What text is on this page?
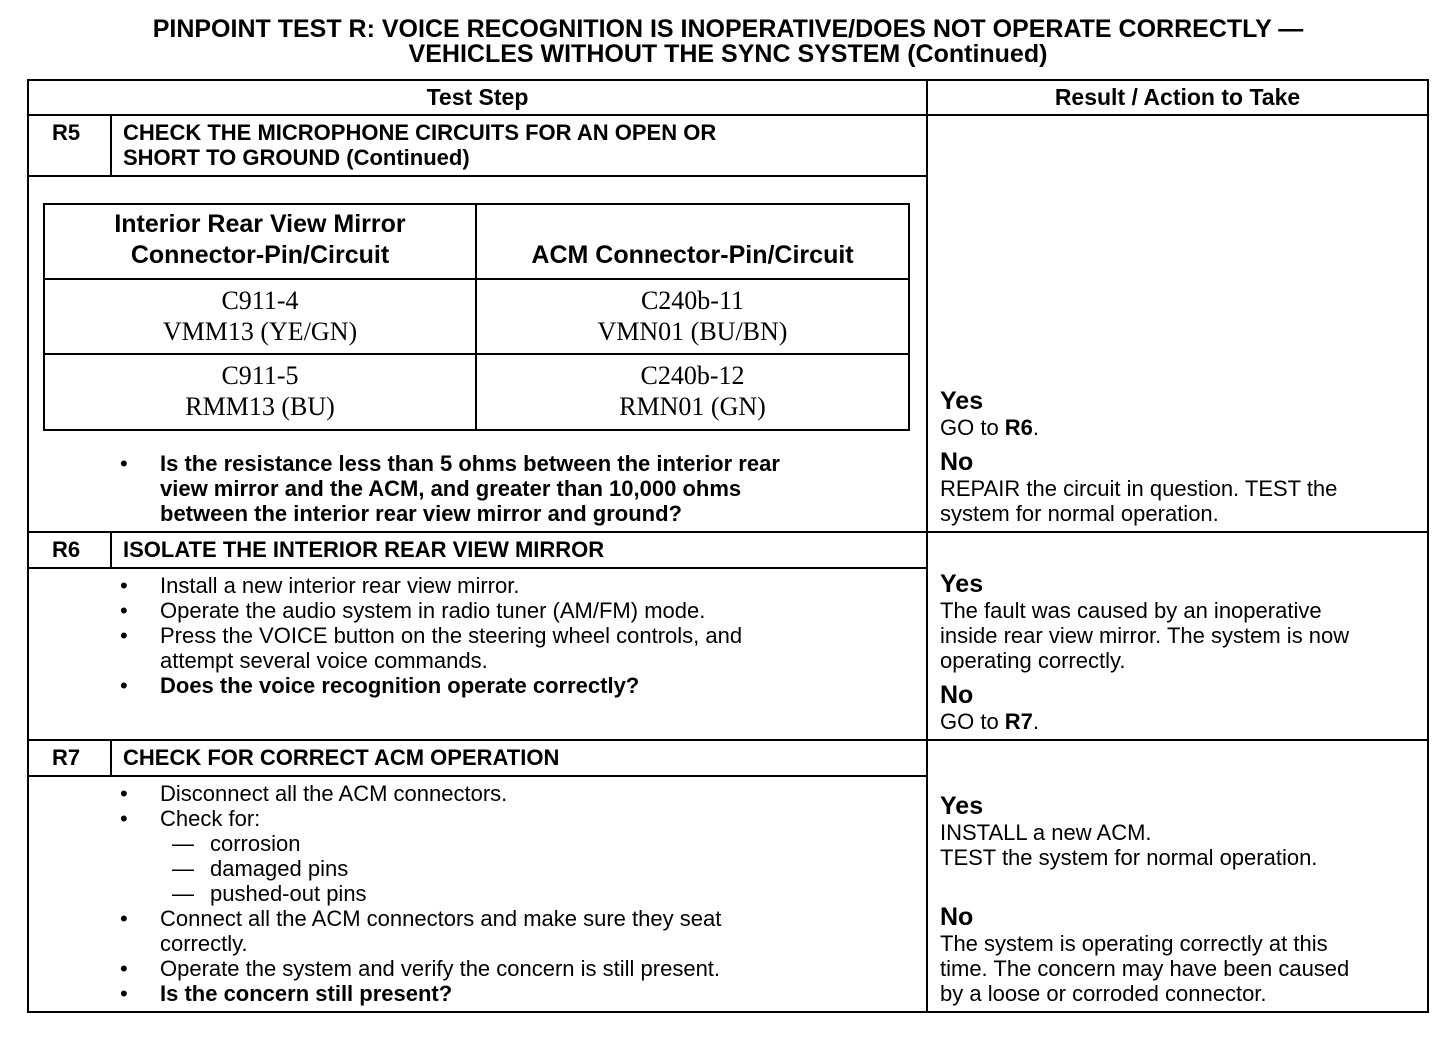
PINPOINT TEST R: VOICE RECOGNITION IS INOPERATIVE/DOES NOT OPERATE CORRECTLY —
VEHICLES WITHOUT THE SYNC SYSTEM (Continued)
Test Step	Result / Action to Take
R5 CHECK THE MICROPHONE CIRCUITS FOR AN OPEN OR
SHORT TO GROUND (Continued)
Interior Rear View Mirror
Connector-Pin/Circuit	ACM Connector-Pin/Circuit
C911-4
VMM13 (YE/GN)
C240b-11
VMN01 (BU/BN)
C911-5
RMM13 (BU)
C240b-12
RMN01 (GN)
• Is the resistance less than 5 ohms between the interior rear
view mirror and the ACM, and greater than 10,000 ohms
between the interior rear view mirror and ground?
Yes
GO to R6.
No
REPAIR the circuit in question. TEST the
system for normal operation.
R6 ISOLATE THE INTERIOR REAR VIEW MIRROR
• Install a new interior rear view mirror.
• Operate the audio system in radio tuner (AM/FM) mode.
• Press the VOICE button on the steering wheel controls, and
attempt several voice commands.
• Does the voice recognition operate correctly?
Yes
The fault was caused by an inoperative
inside rear view mirror. The system is now
operating correctly.
No
GO to R7.
R7 CHECK FOR CORRECT ACM OPERATION
• Disconnect all the ACM connectors.
• Check for:
— corrosion
— damaged pins
— pushed-out pins
• Connect all the ACM connectors and make sure they seat
correctly.
• Operate the system and verify the concern is still present.
• Is the concern still present?
Yes
INSTALL a new ACM.
TEST the system for normal operation.
No
The system is operating correctly at this
time. The concern may have been caused
by a loose or corroded connector.
